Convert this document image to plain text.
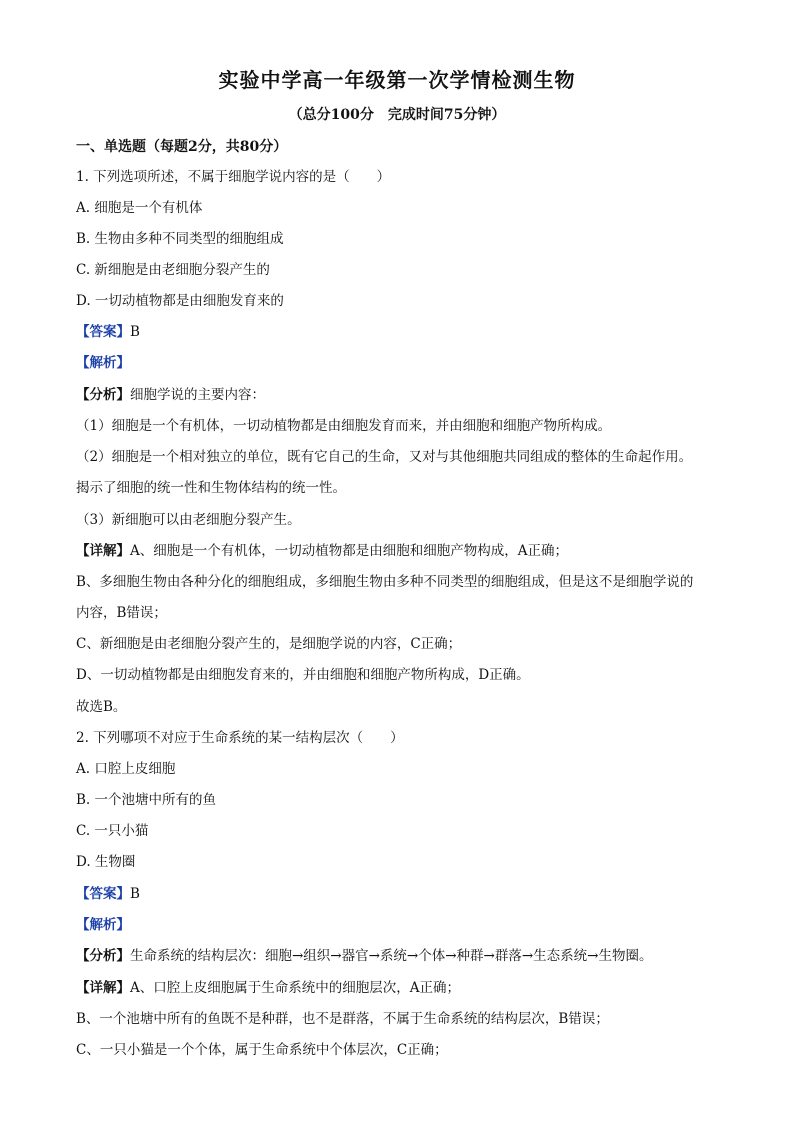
实验中学高一年级第一次学情检测生物
（总分100分　完成时间75分钟）
一、单选题（每题2分，共80分）
1. 下列选项所述，不属于细胞学说内容的是（　　）
A. 细胞是一个有机体
B. 生物由多种不同类型的细胞组成
C. 新细胞是由老细胞分裂产生的
D. 一切动植物都是由细胞发育来的
【答案】B
【解析】
【分析】细胞学说的主要内容：
（1）细胞是一个有机体，一切动植物都是由细胞发育而来，并由细胞和细胞产物所构成。
（2）细胞是一个相对独立的单位，既有它自己的生命，又对与其他细胞共同组成的整体的生命起作用。
揭示了细胞的统一性和生物体结构的统一性。
（3）新细胞可以由老细胞分裂产生。
【详解】A、细胞是一个有机体，一切动植物都是由细胞和细胞产物构成，A正确；
B、多细胞生物由各种分化的细胞组成，多细胞生物由多种不同类型的细胞组成，但是这不是细胞学说的
内容，B错误；
C、新细胞是由老细胞分裂产生的，是细胞学说的内容，C正确；
D、一切动植物都是由细胞发育来的，并由细胞和细胞产物所构成，D正确。
故选B。
2. 下列哪项不对应于生命系统的某一结构层次（　　）
A. 口腔上皮细胞
B. 一个池塘中所有的鱼
C. 一只小猫
D. 生物圈
【答案】B
【解析】
【分析】生命系统的结构层次：细胞→组织→器官→系统→个体→种群→群落→生态系统→生物圈。
【详解】A、口腔上皮细胞属于生命系统中的细胞层次，A正确；
B、一个池塘中所有的鱼既不是种群，也不是群落，不属于生命系统的结构层次，B错误；
C、一只小猫是一个个体，属于生命系统中个体层次，C正确；
